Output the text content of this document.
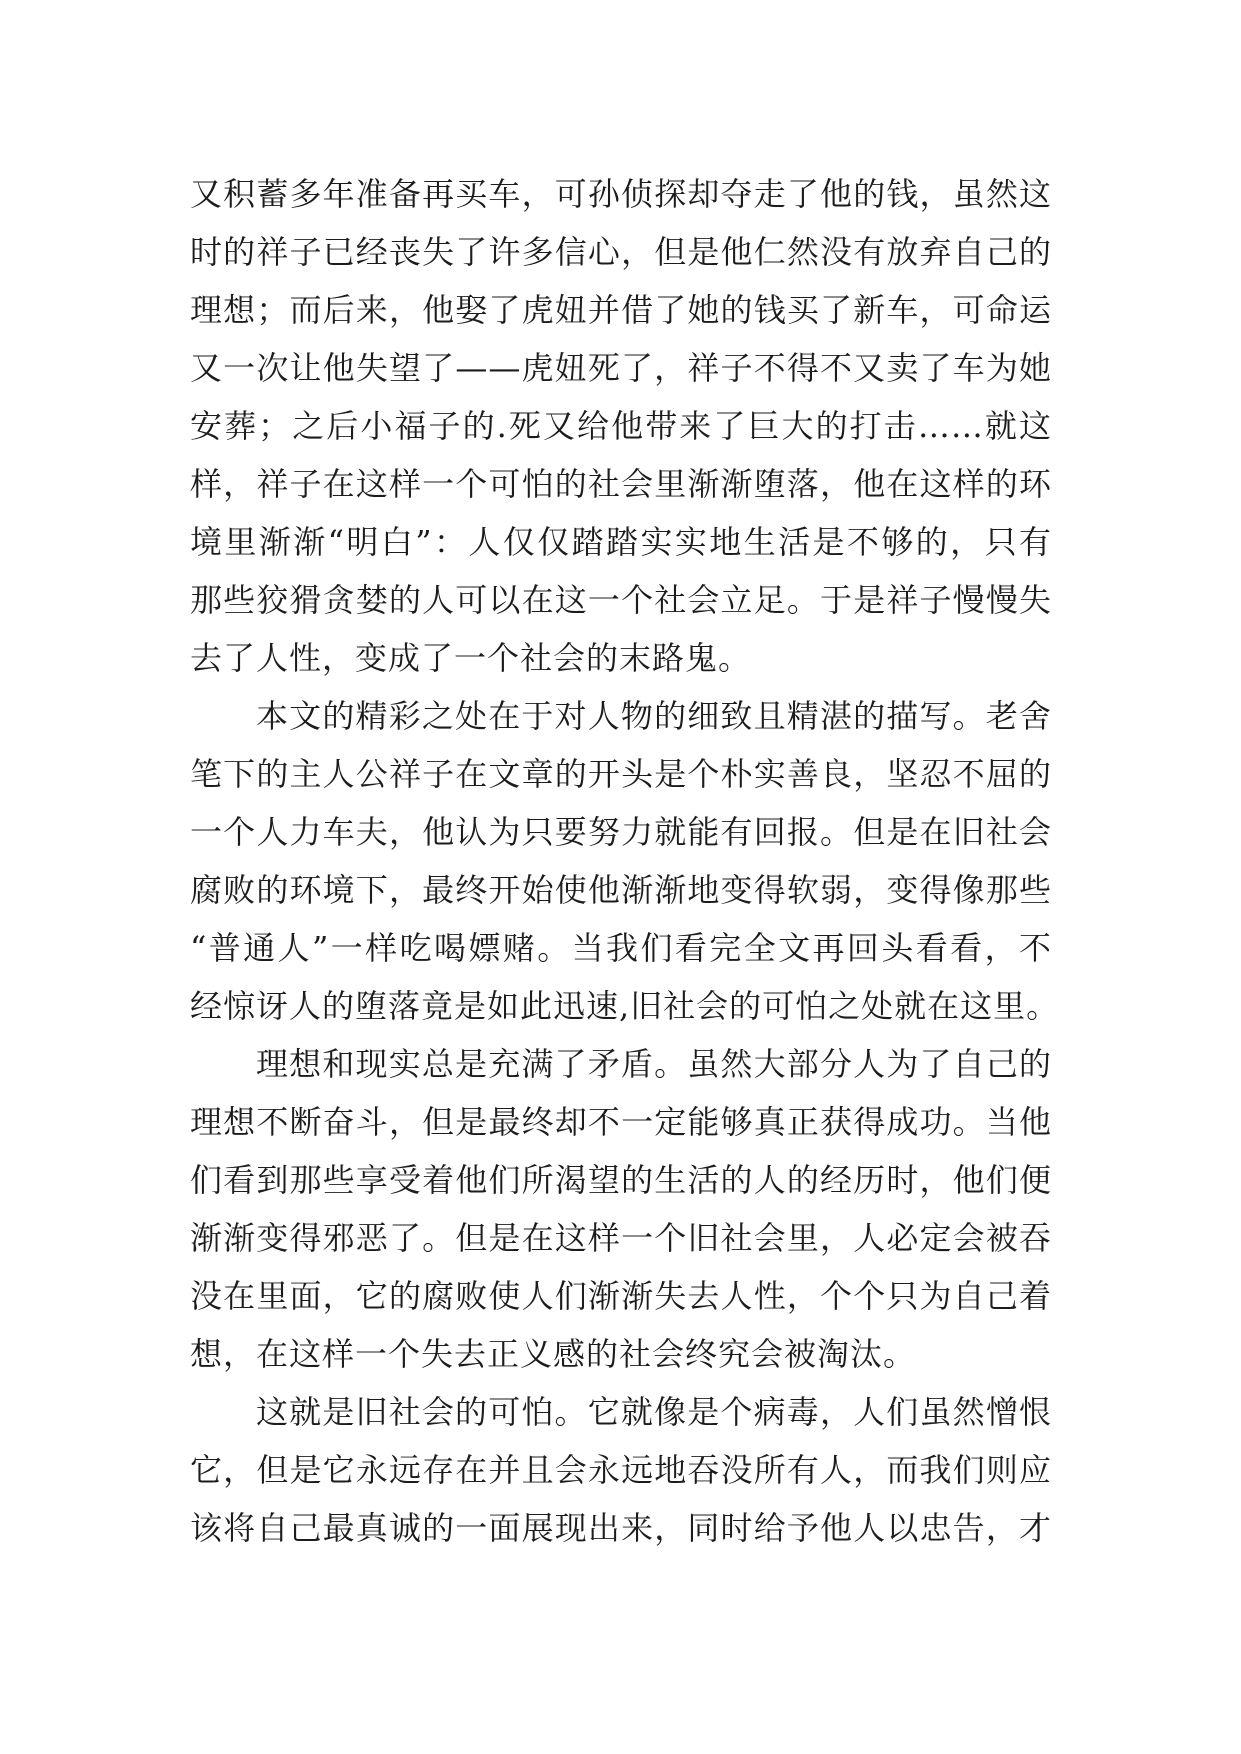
又积蓄多年准备再买车，可孙侦探却夺走了他的钱，虽然这
时的祥子已经丧失了许多信心，但是他仁然没有放弃自己的
理想；而后来，他娶了虎妞并借了她的钱买了新车，可命运
又一次让他失望了——虎妞死了，祥子不得不又卖了车为她
安葬；之后小福子的.死又给他带来了巨大的打击……就这
样，祥子在这样一个可怕的社会里渐渐堕落，他在这样的环
境里渐渐“明白”：人仅仅踏踏实实地生活是不够的，只有
那些狡猾贪婪的人可以在这一个社会立足。于是祥子慢慢失
去了人性，变成了一个社会的末路鬼。
本文的精彩之处在于对人物的细致且精湛的描写。老舍
笔下的主人公祥子在文章的开头是个朴实善良，坚忍不屈的
一个人力车夫，他认为只要努力就能有回报。但是在旧社会
腐败的环境下，最终开始使他渐渐地变得软弱，变得像那些
“普通人”一样吃喝嫖赌。当我们看完全文再回头看看，不
经惊讶人的堕落竟是如此迅速,旧社会的可怕之处就在这里。
理想和现实总是充满了矛盾。虽然大部分人为了自己的
理想不断奋斗，但是最终却不一定能够真正获得成功。当他
们看到那些享受着他们所渴望的生活的人的经历时，他们便
渐渐变得邪恶了。但是在这样一个旧社会里，人必定会被吞
没在里面，它的腐败使人们渐渐失去人性，个个只为自己着
想，在这样一个失去正义感的社会终究会被淘汰。
这就是旧社会的可怕。它就像是个病毒，人们虽然憎恨
它，但是它永远存在并且会永远地吞没所有人，而我们则应
该将自己最真诚的一面展现出来，同时给予他人以忠告，才
